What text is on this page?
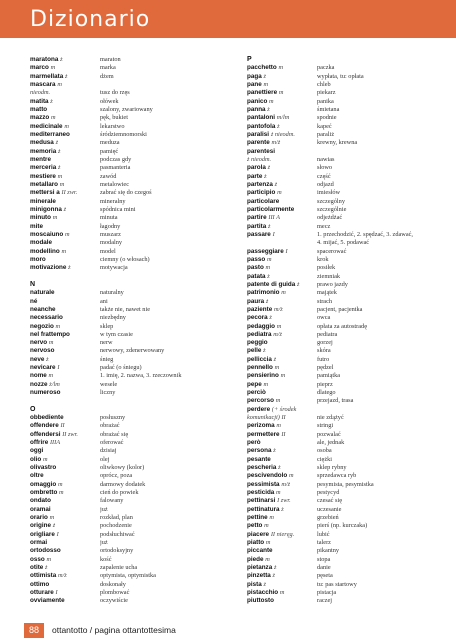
Dizionario
maratona ż	maraton
marco m	marka
marmellata ż	dżem
mascara m
nieodm.	tusz do rzęs
matita ż	ołówek
matto	szalony, zwariowany
mazzo m	pęk, bukiet
medicinale m	lekarstwo
mediterraneo	śródziemnomorski
medusa ż	meduza
memoria ż	pamięć
mentre	podczas gdy
merceria ż	pasmanteria
mestiere m	zawód
metallaro m	metalowiec
mettersi a II zwr.	zabrać się do czegoś
minerale	mineralny
minigonna ż	spódnica mini
minuto m	minuta
mite	łagodny
moscaiuno m	muszarz
modale	modalny
modellino m	model
moro	ciemny (o włosach)
motivazione ż	motywacja
N
naturale	naturalny
né	ani
neanche	także nie, nawet nie
necessario	niezbędny
negozio m	sklep
nel frattempo	w tym czasie
nervo m	nerw
nervoso	nerwowy, zdenerwowany
neve ż	śnieg
nevicare I	padać (o śniegu)
nome m	1. imię, 2. nazwa, 3. rzeczownik
nozze ż/lm	wesele
numeroso	liczny
O
obbediente	posłuszny
offendere II	obrażać
offendersi II zwr.	obrażać się
offrire IIIA	oferować
oggi	dzisiaj
olio m	olej
olivastro	oliwkowy (kolor)
oltre	oprócz, poza
omaggio m	darmowy dodatek
ombretto m	cień do powiek
ondato	falowany
oramai	już
orario m	rozkład, plan
origine ż	pochodzenie
origliare I	podsłuchiwać
ormai	już
ortodosso	ortodoksyjny
osso m	kość
otite ż	zapalenie ucha
ottimista m/ż	optymista, optymistka
ottimo	doskonały
otturare I	plombować
ovviamente	oczywiście
P
pacchetto m	paczka
paga ż	wypłata, tu: opłata
pane m	chleb
panettiere m	piekarz
panico m	panika
panna ż	śmietana
pantaloni m/lm	spodnie
pantofola ż	kapeć
paralisi ż nieodm.	paraliż
parente m/ż	krewny, krewna
parentesi
ż nieodm.	nawias
parola ż	słowo
parte ż	część
partenza ż	odjazd
participio m	imiesłów
particolare	szczególny
particolarmente	szczególnie
partire III A	odjeżdżać
partita ż	mecz
passare I	1. przechodzić, 2. spędzać, 3. zdawać,
4. mijać, 5. podawać
passeggiare I	spacerować
passo m	krok
pasto m	posiłek
patata ż	ziemniak
patente di guida ż	prawo jazdy
patrimonio m	majątek
paura ż	strach
paziente m/ż	pacjent, pacjentka
pecora ż	owca
pedaggio m	opłata za autostradę
pediatra m/ż	pediatra
peggio	gorzej
pelle ż	skóra
pelliccia ż	futro
pennello m	pędzel
pensierino m	pamiątka
pepe m	pieprz
perciò	dlatego
percorso m	przejazd, trasa
perdere (+ środek
komunikacji) II	nie zdążyć
perizoma m	stringi
permettere II	pozwalać
però	ale, jednak
persona ż	osoba
pesante	ciężki
pescheria ż	sklep rybny
pescivendolo m	sprzedawca ryb
pessimista m/ż	pesymista, pesymistka
pesticida m	pestycyd
pettinarsi I zwr.	czesać się
pettinatura ż	uczesanie
pettine m	grzebień
petto m	pierś (np. kurczaka)
piacere II nieręg.	lubić
piatto m	talerz
piccante	pikantny
piede m	stopa
pietanza ż	danie
pinzetta ż	pęseta
pista ż	tu: pas startowy
pistacchio m	pistacja
piuttosto	raczej
88	ottantotto / pagina ottantottesima
